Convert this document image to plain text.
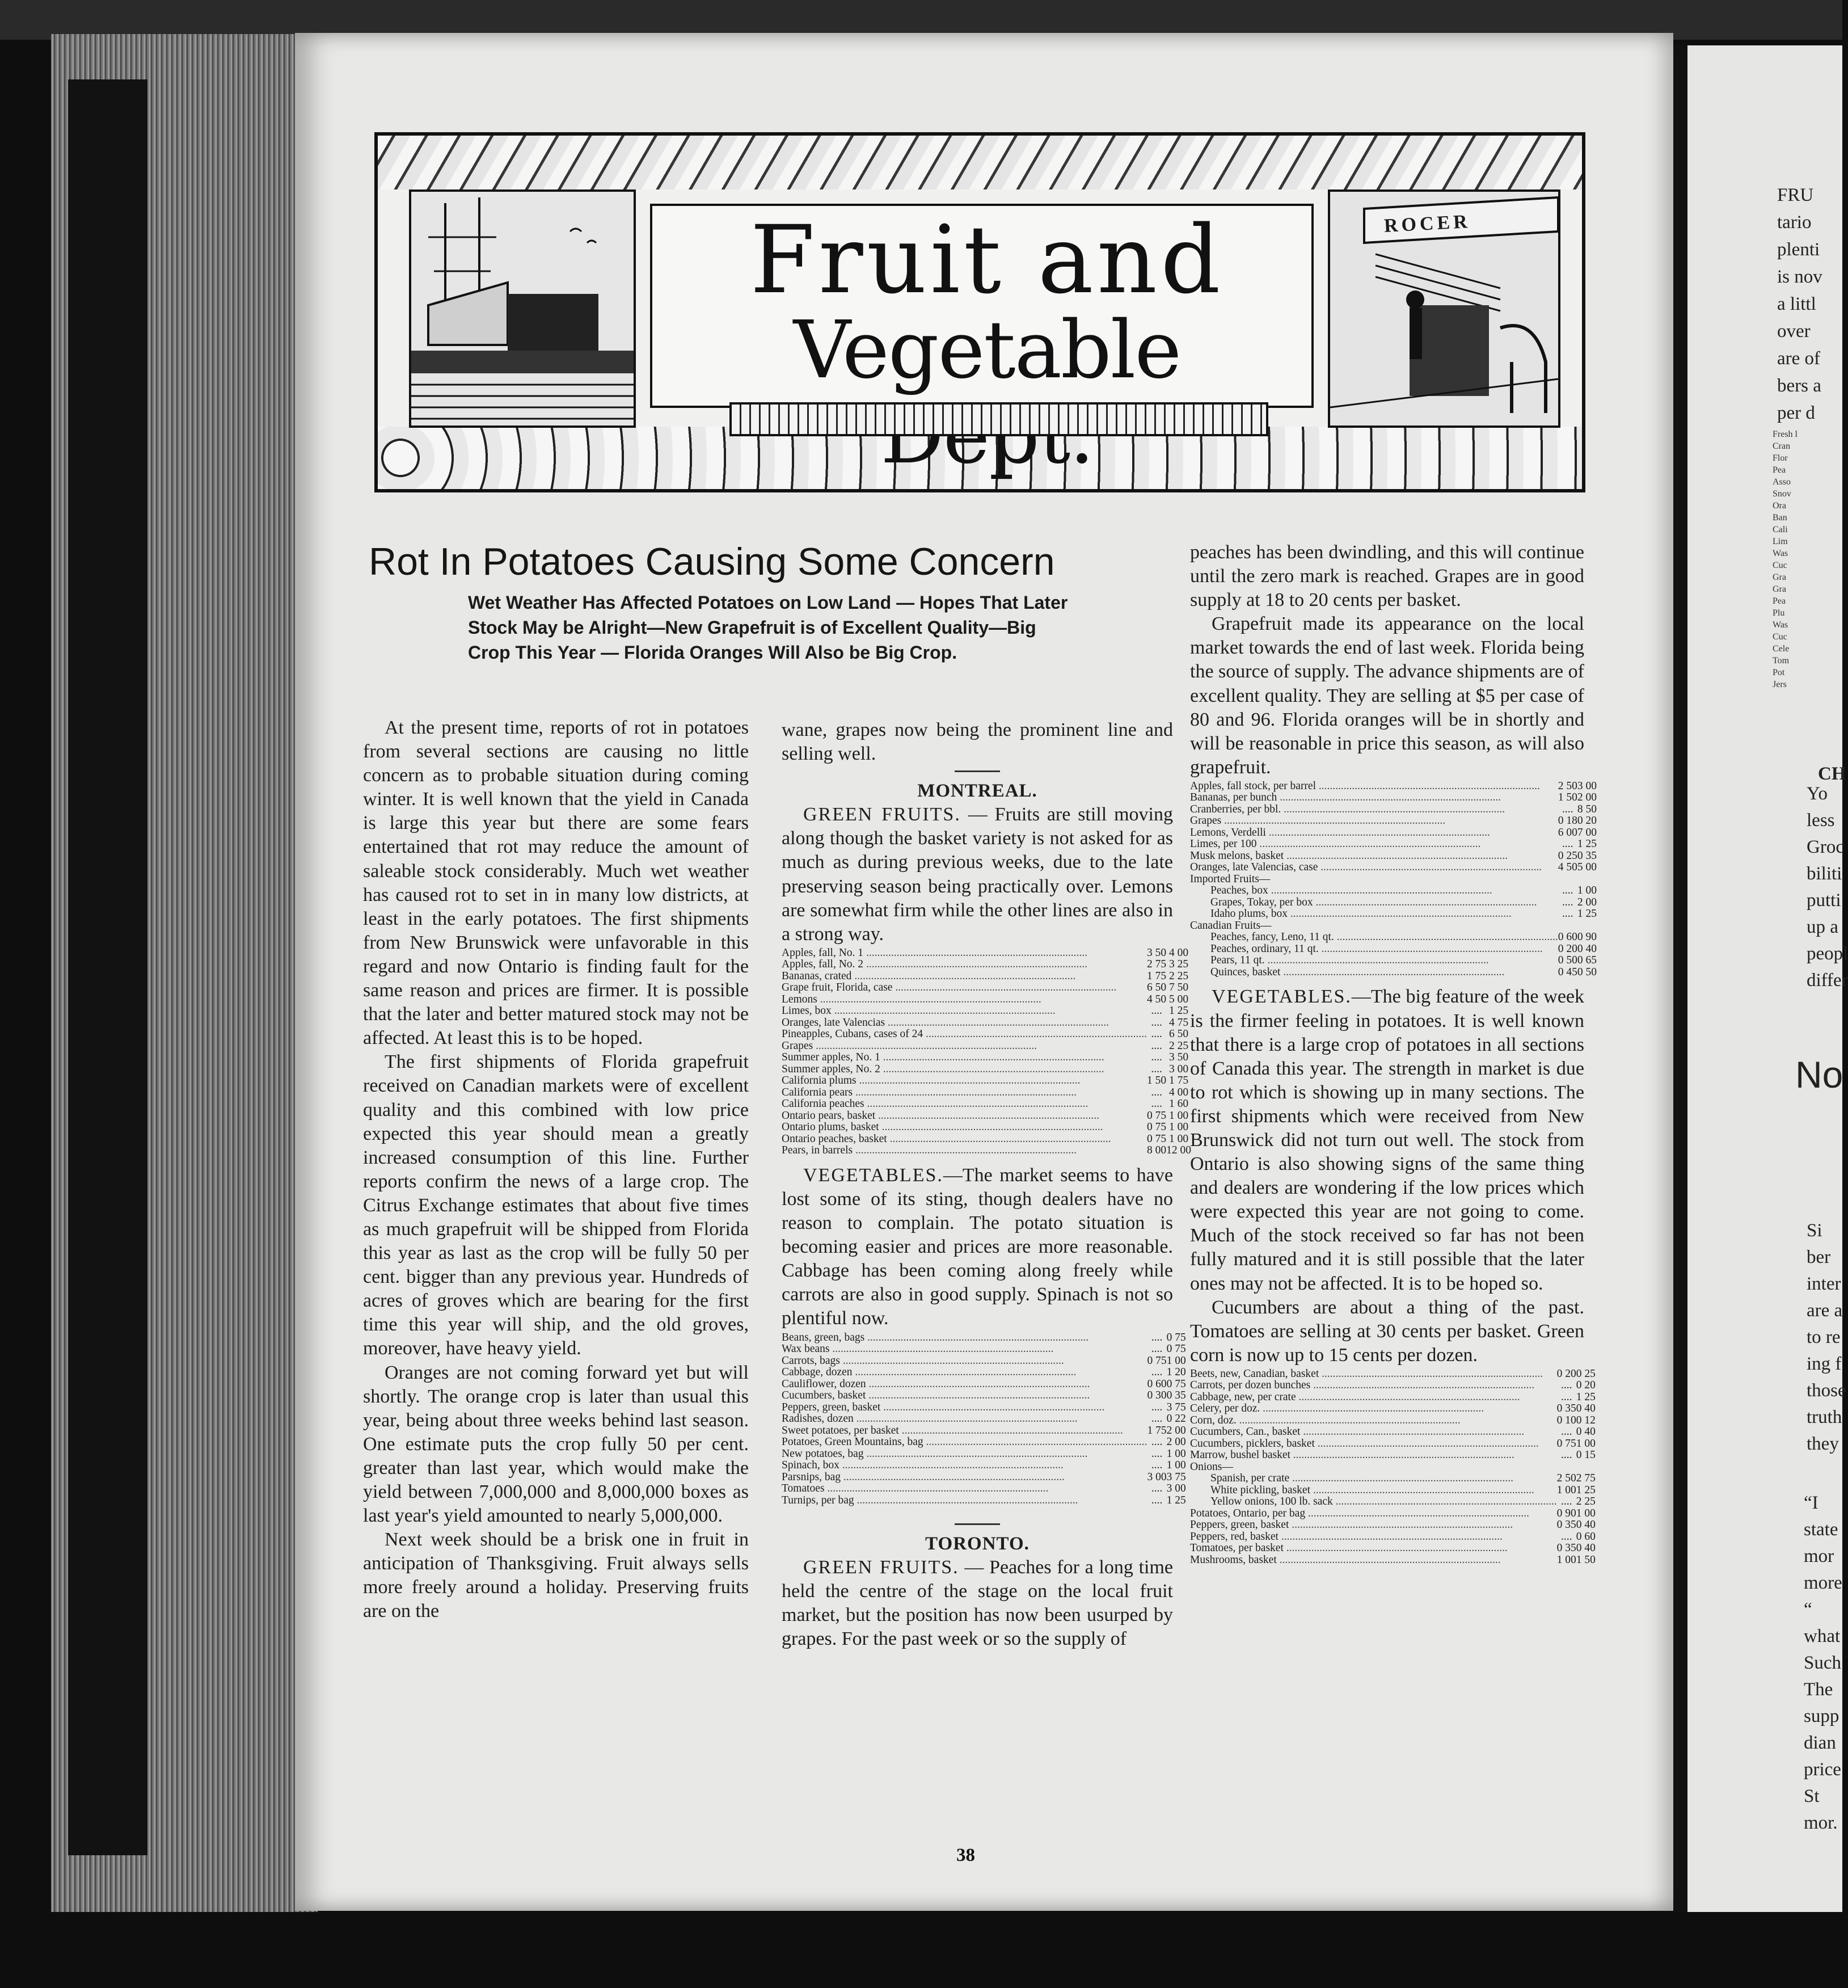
FRU
tario
plenti
is nov
a littl
over
are of
bers a
per d
Fresh l
Cran
Flor
Pea
Asso
Snov
Ora
Ban
Cali
Lim
Was
Cuc
Gra
Gra
Pea
Plu
Was
Cuc
Cele
Tom
Pot
Jers
CH
Yo
less
Groc
biliti
putti
up a
peopl
differ
No
Si
ber
inter
are a
to re
ing f
those
truth
they
“I
state
mor
more
“
what
Such
The
supp
dian
price
St
mor.
ROCER
Fruit and
Vegetable
Rot In Potatoes Causing Some Concern
Wet Weather Has Affected Potatoes on Low Land — Hopes That Later Stock May be Alright—New Grapefruit is of Excellent Quality—Big Crop This Year — Florida Oranges Will Also be Big Crop.

At the present time, reports of rot in potatoes from several sections are causing no little concern as to probable situation during coming winter. It is well known that the yield in Canada is large this year but there are some fears entertained that rot may reduce the amount of saleable stock considerably. Much wet weather has caused rot to set in in many low districts, at least in the early potatoes. The first shipments from New Brunswick were unfavorable in this regard and now Ontario is finding fault for the same reason and prices are firmer. It is possible that the later and better matured stock may not be affected. At least this is to be hoped.

The first shipments of Florida grapefruit received on Canadian markets were of excellent quality and this combined with low price expected this year should mean a greatly increased consumption of this line. Further reports confirm the news of a large crop. The Citrus Exchange estimates that about five times as much grapefruit will be shipped from Florida this year as last as the crop will be fully 50 per cent. bigger than any previous year. Hundreds of acres of groves which are bearing for the first time this year will ship, and the old groves, moreover, have heavy yield.

Oranges are not coming forward yet but will shortly. The orange crop is later than usual this year, being about three weeks behind last season. One estimate puts the crop fully 50 per cent. greater than last year, which would make the yield between 7,000,000 and 8,000,000 boxes as last year's yield amounted to nearly 5,000,000.

Next week should be a brisk one in fruit in anticipation of Thanksgiving. Fruit always sells more freely around a holiday. Preserving fruits are on the

wane, grapes now being the prominent line and selling well.

MONTREAL.

GREEN FRUITS. — Fruits are still moving along though the basket variety is not asked for as much as during previous weeks, due to the late preserving season being practically over. Lemons are somewhat firm while the other lines are also in a strong way.

Apples, fall, No. 1 ................................................................................	3 50	4 00
Apples, fall, No. 2 ................................................................................	2 75	3 25
Bananas, crated ................................................................................	1 75	2 25
Grape fruit, Florida, case ................................................................................	6 50	7 50
Lemons ................................................................................	4 50	5 00
Limes, box ................................................................................	....	1 25
Oranges, late Valencias ................................................................................	....	4 75
Pineapples, Cubans, cases of 24 ................................................................................	....	6 50
Grapes ................................................................................	....	2 25
Summer apples, No. 1 ................................................................................	....	3 50
Summer apples, No. 2 ................................................................................	....	3 00
California plums ................................................................................	1 50	1 75
California pears ................................................................................	....	4 00
California peaches ................................................................................	....	1 60
Ontario pears, basket ................................................................................	0 75	1 00
Ontario plums, basket ................................................................................	0 75	1 00
Ontario peaches, basket ................................................................................	0 75	1 00
Pears, in barrels ................................................................................	8 00	12 00

VEGETABLES.—The market seems to have lost some of its sting, though dealers have no reason to complain. The potato situation is becoming easier and prices are more reasonable. Cabbage has been coming along freely while carrots are also in good supply. Spinach is not so plentiful now.

Beans, green, bags ................................................................................	....	0 75
Wax beans ................................................................................	....	0 75
Carrots, bags ................................................................................	0 75	1 00
Cabbage, dozen ................................................................................	....	1 20
Cauliflower, dozen ................................................................................	0 60	0 75
Cucumbers, basket ................................................................................	0 30	0 35
Peppers, green, basket ................................................................................	....	3 75
Radishes, dozen ................................................................................	....	0 22
Sweet potatoes, per basket ................................................................................	1 75	2 00
Potatoes, Green Mountains, bag ................................................................................	....	2 00
New potatoes, bag ................................................................................	....	1 00
Spinach, box ................................................................................	....	1 00
Parsnips, bag ................................................................................	3 00	3 75
Tomatoes ................................................................................	....	3 00
Turnips, per bag ................................................................................	....	1 25

TORONTO.

GREEN FRUITS. — Peaches for a long time held the centre of the stage on the local fruit market, but the position has now been usurped by grapes. For the past week or so the supply of

peaches has been dwindling, and this will continue until the zero mark is reached. Grapes are in good supply at 18 to 20 cents per basket.

Grapefruit made its appearance on the local market towards the end of last week. Florida being the source of supply. The advance shipments are of excellent quality. They are selling at $5 per case of 80 and 96. Florida oranges will be in shortly and will be reasonable in price this season, as will also grapefruit.

Apples, fall stock, per barrel ................................................................................	2 50	3 00
Bananas, per bunch ................................................................................	1 50	2 00
Cranberries, per bbl. ................................................................................	....	8 50
Grapes ................................................................................	0 18	0 20
Lemons, Verdelli ................................................................................	6 00	7 00
Limes, per 100 ................................................................................	....	1 25
Musk melons, basket ................................................................................	0 25	0 35
Oranges, late Valencias, case ................................................................................	4 50	5 00
Imported Fruits—		
Peaches, box ................................................................................	....	1 00
Grapes, Tokay, per box ................................................................................	....	2 00
Idaho plums, box ................................................................................	....	1 25
Canadian Fruits—		
Peaches, fancy, Leno, 11 qt. ................................................................................	0 60	0 90
Peaches, ordinary, 11 qt. ................................................................................	0 20	0 40
Pears, 11 qt. ................................................................................	0 50	0 65
Quinces, basket ................................................................................	0 45	0 50

VEGETABLES.—The big feature of the week is the firmer feeling in potatoes. It is well known that there is a large crop of potatoes in all sections of Canada this year. The strength in market is due to rot which is showing up in many sections. The first shipments which were received from New Brunswick did not turn out well. The stock from Ontario is also showing signs of the same thing and dealers are wondering if the low prices which were expected this year are not going to come. Much of the stock received so far has not been fully matured and it is still possible that the later ones may not be affected. It is to be hoped so.

Cucumbers are about a thing of the past. Tomatoes are selling at 30 cents per basket. Green corn is now up to 15 cents per dozen.

Beets, new, Canadian, basket ................................................................................	0 20	0 25
Carrots, per dozen bunches ................................................................................	....	0 20
Cabbage, new, per crate ................................................................................	....	1 25
Celery, per doz. ................................................................................	0 35	0 40
Corn, doz. ................................................................................	0 10	0 12
Cucumbers, Can., basket ................................................................................	....	0 40
Cucumbers, picklers, basket ................................................................................	0 75	1 00
Marrow, bushel basket ................................................................................	....	0 15
Onions—		
Spanish, per crate ................................................................................	2 50	2 75
White pickling, basket ................................................................................	1 00	1 25
Yellow onions, 100 lb. sack ................................................................................	....	2 25
Potatoes, Ontario, per bag ................................................................................	0 90	1 00
Peppers, green, basket ................................................................................	0 35	0 40
Peppers, red, basket ................................................................................	....	0 60
Tomatoes, per basket ................................................................................	0 35	0 40
Mushrooms, basket ................................................................................	1 00	1 50
38
